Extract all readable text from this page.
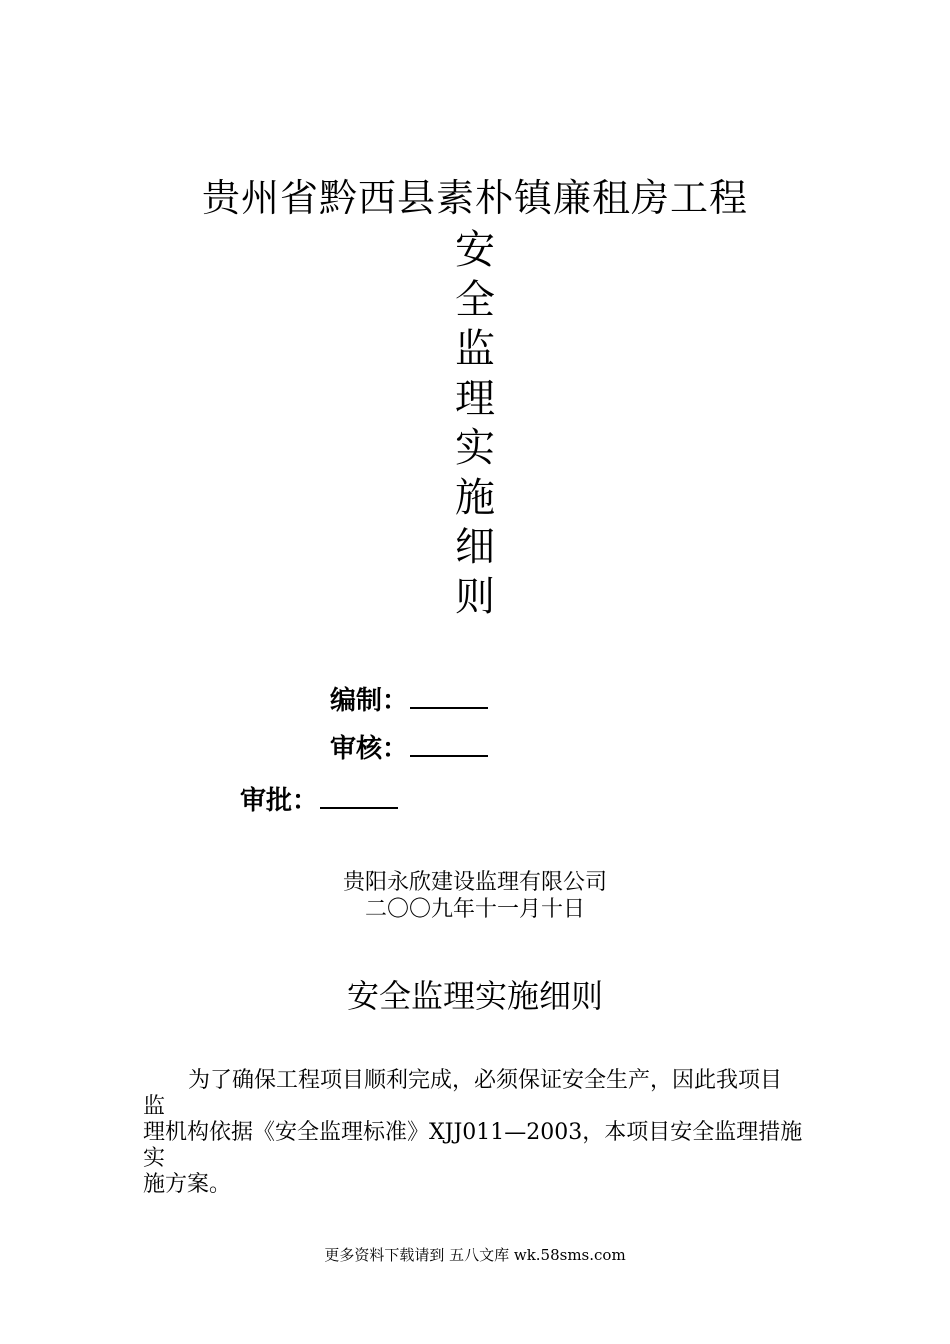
贵州省黔西县素朴镇廉租房工程
安
全
监
理
实
施
细
则
编制：
审核：
审批：
贵阳永欣建设监理有限公司
二〇〇九年十一月十日
安全监理实施细则
为了确保工程项目顺利完成，必须保证安全生产，因此我项目
监
理机构依据《安全监理标准》XJJ011—2003，本项目安全监理措施
实
施方案。
更多资料下载请到 五八文库 wk.58sms.com
